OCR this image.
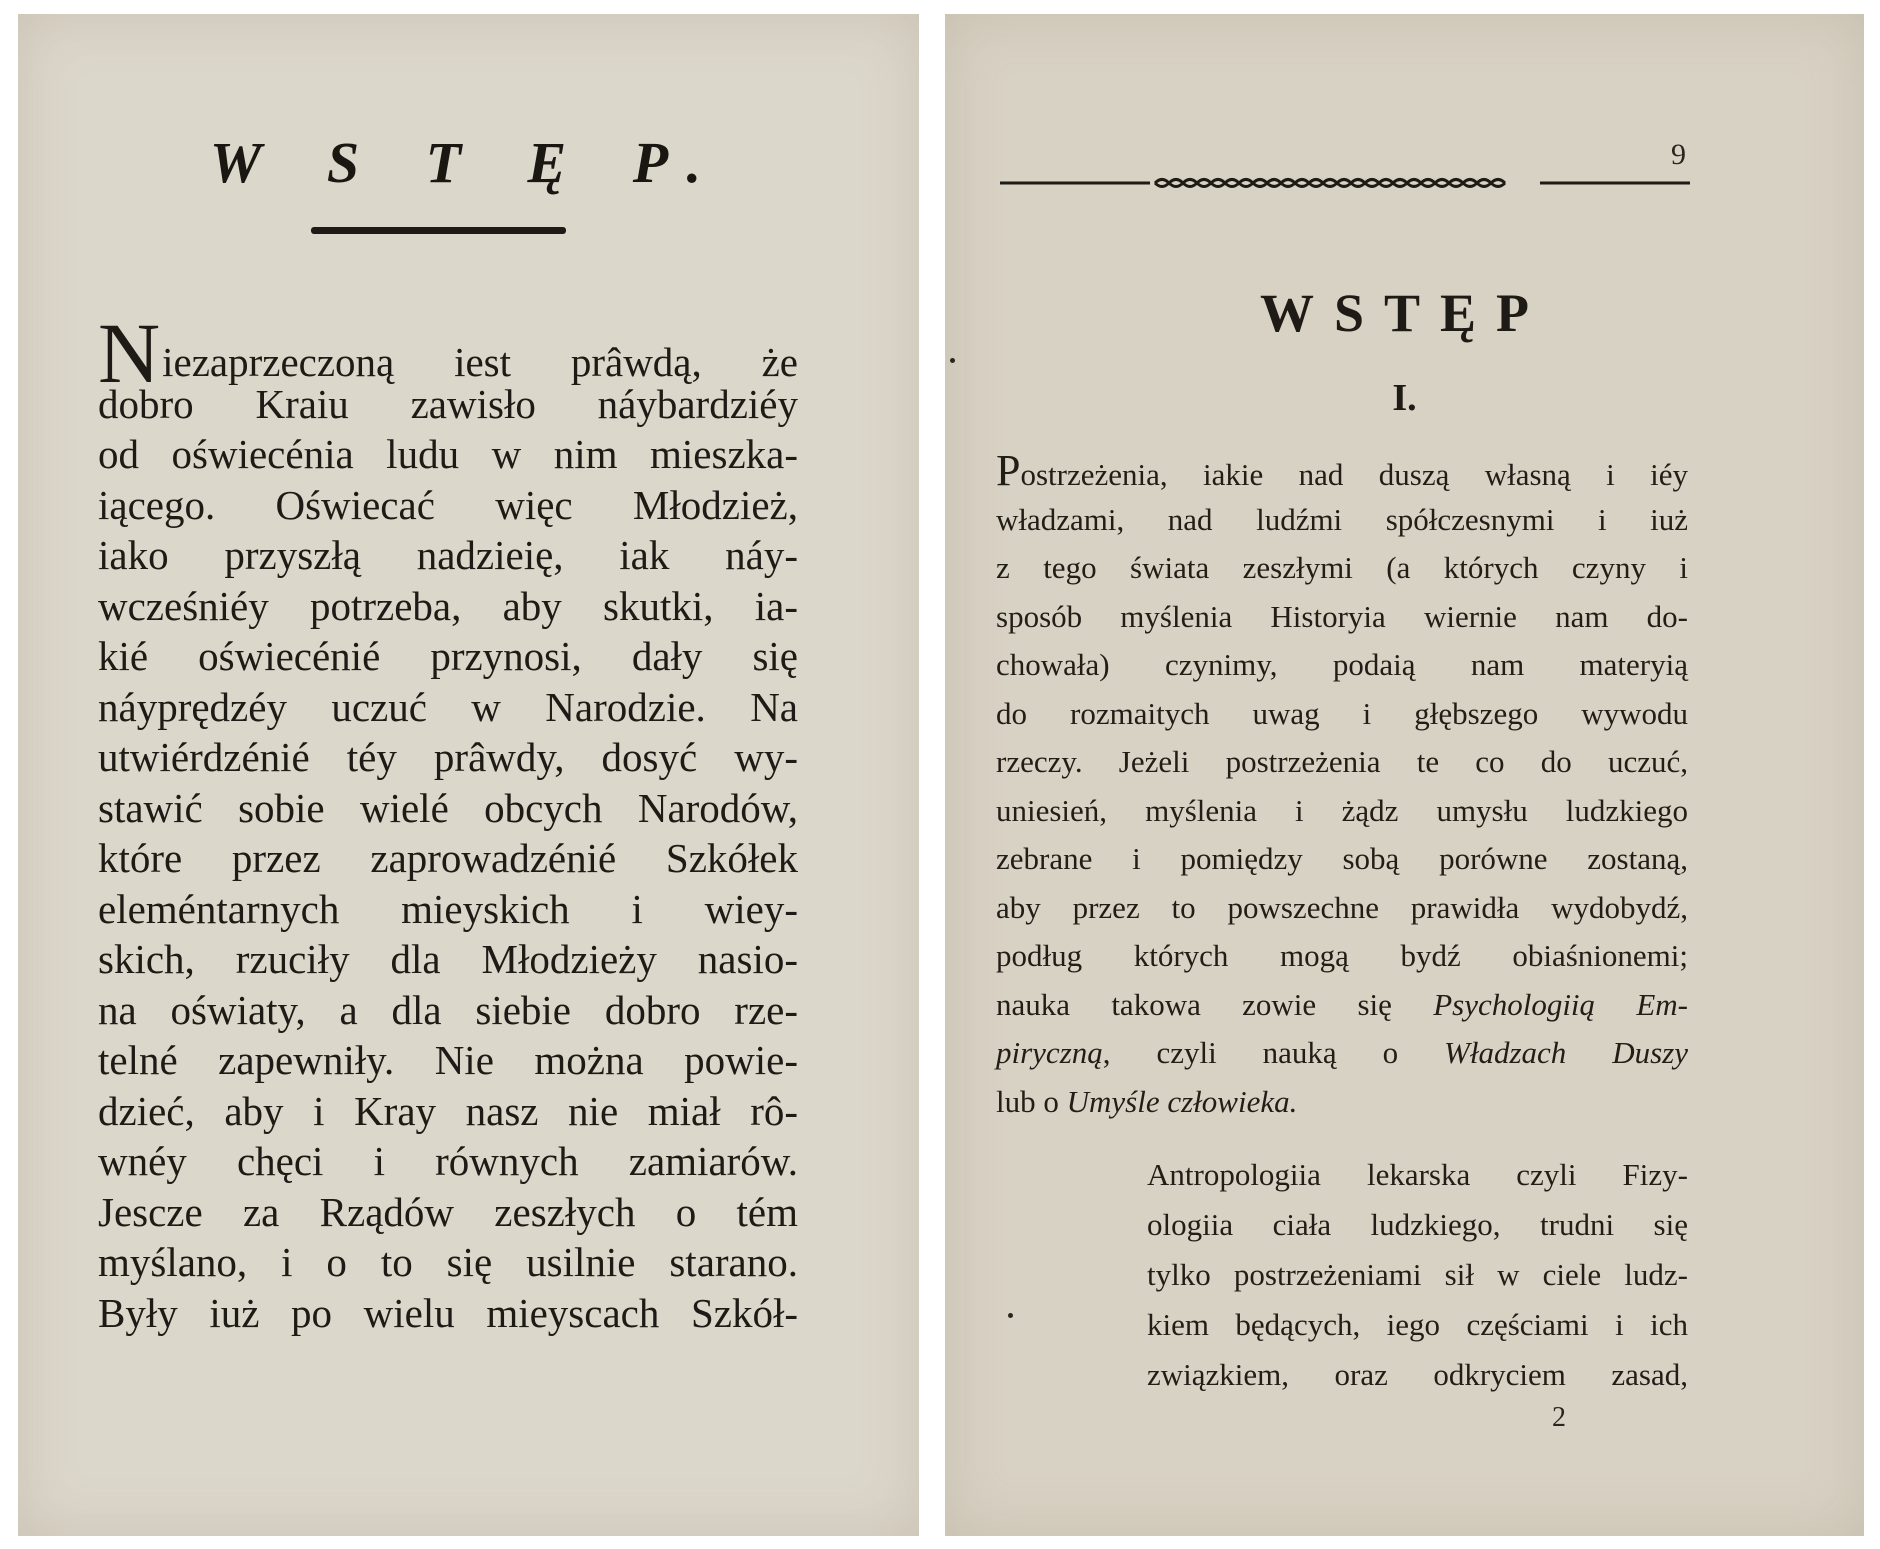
W S T Ę P.
Niezaprzeczoną iest prâwdą, że
dobro Kraiu zawisło náybardziéy
od oświecénia ludu w nim mieszka-
iącego. Oświecać więc Młodzież,
iako przyszłą nadzieię, iak náy-
wcześniéy potrzeba, aby skutki, ia-
kié oświecénié przynosi, dały się
náyprędzéy uczuć w Narodzie. Na
utwiérdzénié téy prâwdy, dosyć wy-
stawić sobie wielé obcych Narodów,
które przez zaprowadzénié Szkółek
eleméntarnych mieyskich i wiey-
skich, rzuciły dla Młodzieży nasio-
na oświaty, a dla siebie dobro rze-
telné zapewniły. Nie można powie-
dzieć, aby i Kray nasz nie miał rô-
wnéy chęci i równych zamiarów.
Jescze za Rządów zeszłych o tém
myślano, i o to się usilnie starano.
Były iuż po wielu mieyscach Szkół-
9
WSTĘP
I.
Postrzeżenia, iakie nad duszą własną i iéy
władzami, nad ludźmi spółczesnymi i iuż
z tego świata zeszłymi (a których czyny i
sposób myślenia Historyia wiernie nam do-
chowała) czynimy, podaią nam materyią
do rozmaitych uwag i głębszego wywodu
rzeczy. Jeżeli postrzeżenia te co do uczuć,
uniesień, myślenia i żądz umysłu ludzkiego
zebrane i pomiędzy sobą porówne zostaną,
aby przez to powszechne prawidła wydobydź,
podług których mogą bydź obiaśnionemi;
nauka takowa zowie się Psychologiią Em-
piryczną, czyli nauką o Władzach Duszy
lub o Umyśle człowieka.
Antropologiia lekarska czyli Fizy-
ologiia ciała ludzkiego, trudni się
tylko postrzeżeniami sił w ciele ludz-
kiem będących, iego częściami i ich
związkiem, oraz odkryciem zasad,
2
